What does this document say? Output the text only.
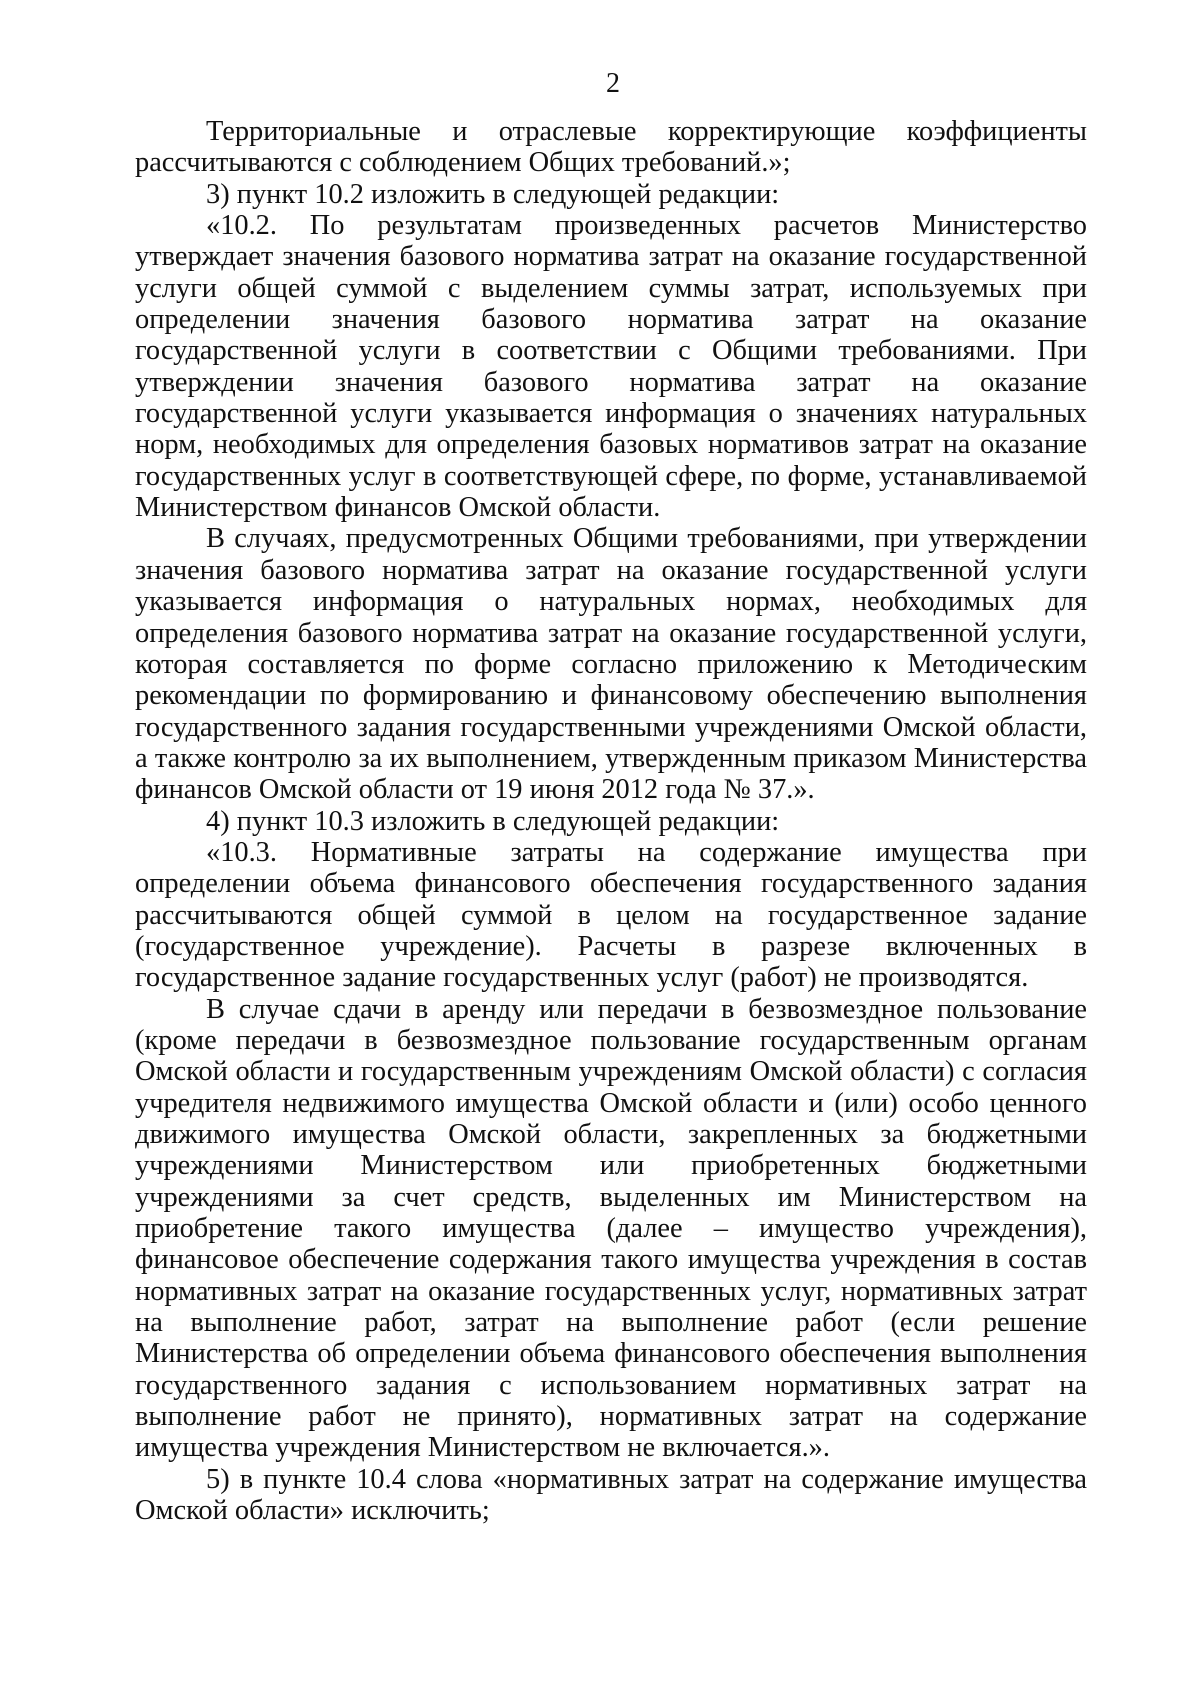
2

Территориальные и отраслевые корректирующие коэффициенты рассчитываются с соблюдением Общих требований.»;

3) пункт 10.2 изложить в следующей редакции:

«10.2. По результатам произведенных расчетов Министерство утверждает значения базового норматива затрат на оказание государственной услуги общей суммой с выделением суммы затрат, используемых при определении значения базового норматива затрат на оказание государственной услуги в соответствии с Общими требованиями. При утверждении значения базового норматива затрат на оказание государственной услуги указывается информация о значениях натуральных норм, необходимых для определения базовых нормативов затрат на оказание государственных услуг в соответствующей сфере, по форме, устанавливаемой Министерством финансов Омской области.

В случаях, предусмотренных Общими требованиями, при утверждении значения базового норматива затрат на оказание государственной услуги указывается информация о натуральных нормах, необходимых для определения базового норматива затрат на оказание государственной услуги, которая составляется по форме согласно приложению к Методическим рекомендации по формированию и финансовому обеспечению выполнения государственного задания государственными учреждениями Омской области, а также контролю за их выполнением, утвержденным приказом Министерства финансов Омской области от 19 июня 2012 года № 37.».

4) пункт 10.3 изложить в следующей редакции:

«10.3. Нормативные затраты на содержание имущества при определении объема финансового обеспечения государственного задания рассчитываются общей суммой в целом на государственное задание (государственное учреждение). Расчеты в разрезе включенных в государственное задание государственных услуг (работ) не производятся.

В случае сдачи в аренду или передачи в безвозмездное пользование (кроме передачи в безвозмездное пользование государственным органам Омской области и государственным учреждениям Омской области) с согласия учредителя недвижимого имущества Омской области и (или) особо ценного движимого имущества Омской области, закрепленных за бюджетными учреждениями Министерством или приобретенных бюджетными учреждениями за счет средств, выделенных им Министерством на приобретение такого имущества (далее – имущество учреждения), финансовое обеспечение содержания такого имущества учреждения в состав нормативных затрат на оказание государственных услуг, нормативных затрат на выполнение работ, затрат на выполнение работ (если решение Министерства об определении объема финансового обеспечения выполнения государственного задания с использованием нормативных затрат на выполнение работ не принято), нормативных затрат на содержание имущества учреждения Министерством не включается.».

5) в пункте 10.4 слова «нормативных затрат на содержание имущества Омской области» исключить;
